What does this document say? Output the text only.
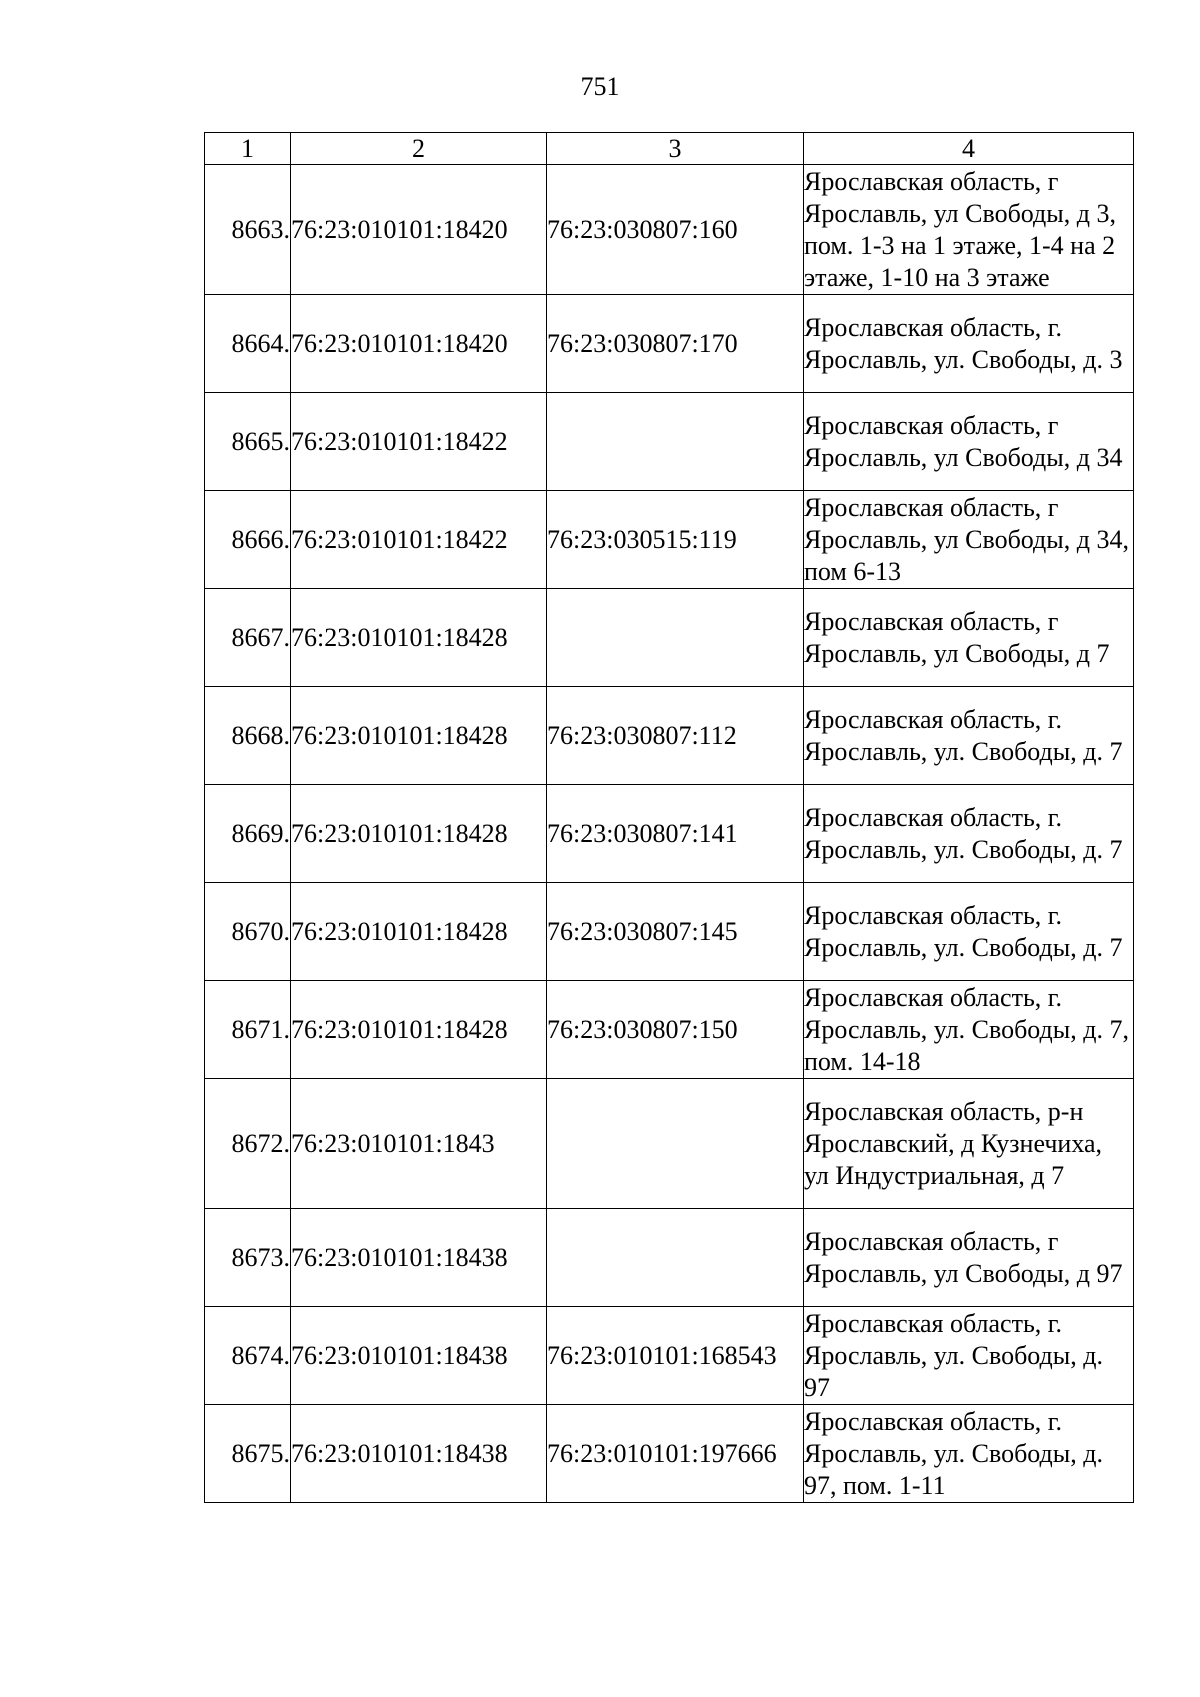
751
1	2	3	4
8663.	76:23:010101:18420	76:23:030807:160	Ярославская область, г Ярославль, ул Свободы, д 3, пом. 1-3 на 1 этаже, 1-4 на 2 этаже, 1-10 на 3 этаже
8664.	76:23:010101:18420	76:23:030807:170	Ярославская область, г. Ярославль, ул. Свободы, д. 3
8665.	76:23:010101:18422		Ярославская область, г Ярославль, ул Свободы, д 34
8666.	76:23:010101:18422	76:23:030515:119	Ярославская область, г Ярославль, ул Свободы, д 34, пом 6-13
8667.	76:23:010101:18428		Ярославская область, г Ярославль, ул Свободы, д 7
8668.	76:23:010101:18428	76:23:030807:112	Ярославская область, г. Ярославль, ул. Свободы, д. 7
8669.	76:23:010101:18428	76:23:030807:141	Ярославская область, г. Ярославль, ул. Свободы, д. 7
8670.	76:23:010101:18428	76:23:030807:145	Ярославская область, г. Ярославль, ул. Свободы, д. 7
8671.	76:23:010101:18428	76:23:030807:150	Ярославская область, г. Ярославль, ул. Свободы, д. 7, пом. 14-18
8672.	76:23:010101:1843		Ярославская область, р-н Ярославский, д Кузнечиха, ул Индустриальная, д 7
8673.	76:23:010101:18438		Ярославская область, г Ярославль, ул Свободы, д 97
8674.	76:23:010101:18438	76:23:010101:168543	Ярославская область, г. Ярославль, ул. Свободы, д. 97
8675.	76:23:010101:18438	76:23:010101:197666	Ярославская область, г. Ярославль, ул. Свободы, д. 97, пом. 1-11
